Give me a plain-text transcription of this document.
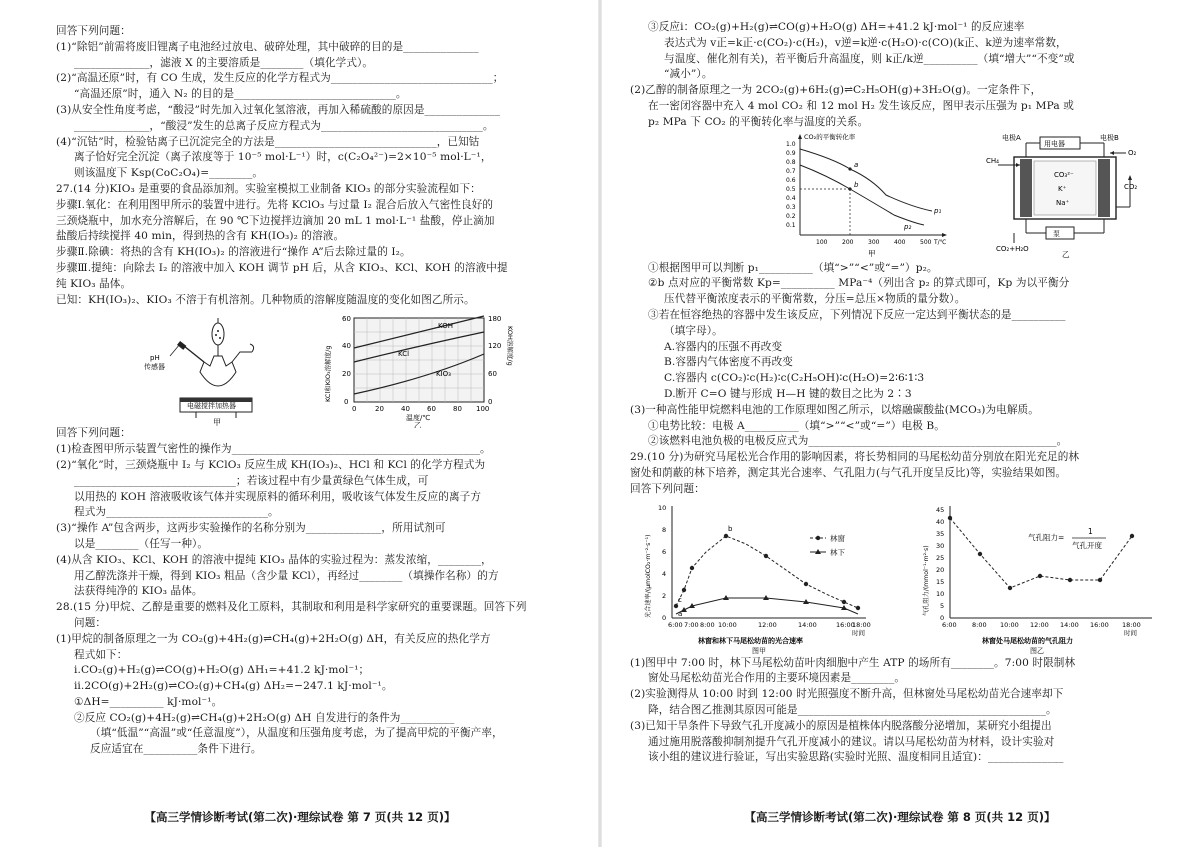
回答下列问题：

(1)“除铝”前需将废旧锂离子电池经过放电、破碎处理，其中破碎的目的是______________

______________，滤液 X 的主要溶质是________（填化学式）。

(2)“高温还原”时，有 CO 生成，发生反应的化学方程式为______________________________；

“高温还原”时，通入 N₂ 的目的是______________________________。

(3)从安全性角度考虑，“酸浸”时先加入过氧化氢溶液，再加入稀硫酸的原因是______________

______________，“酸浸”发生的总离子反应方程式为______________________________。

(4)“沉钴”时，检验钴离子已沉淀完全的方法是______________________________，已知钴

离子恰好完全沉淀（离子浓度等于 10⁻⁵ mol·L⁻¹）时，c(C₂O₄²⁻)=2×10⁻⁵ mol·L⁻¹，

则该温度下 Ksp(CoC₂O₄)=________。

27.(14 分)KIO₃ 是重要的食品添加剂。实验室模拟工业制备 KIO₃ 的部分实验流程如下：

步骤Ⅰ.氧化：在利用图甲所示的装置中进行。先将 KClO₃ 与过量 I₂ 混合后放入气密性良好的

三颈烧瓶中，加水充分溶解后，在 90 ℃下边搅拌边滴加 20 mL 1 mol·L⁻¹ 盐酸，停止滴加

盐酸后持续搅拌 40 min，得到热的含有 KH(IO₃)₂ 的溶液。

步骤Ⅱ.除碘：将热的含有 KH(IO₃)₂ 的溶液进行“操作 A”后去除过量的 I₂。

步骤Ⅲ.提纯：向除去 I₂ 的溶液中加入 KOH 调节 pH 后，从含 KIO₃、KCl、KOH 的溶液中提

纯 KIO₃ 晶体。

已知：KH(IO₃)₂、KIO₃ 不溶于有机溶剂。几种物质的溶解度随温度的变化如图乙所示。

pH
传感器
电磁搅拌加热器
甲
KOH
KCl
KIO₃
0
20
40
60
0
60
120
180
0	20 40 60 80 100
KCl和KIO₃溶解度/g	KOH溶解度/g
温度/℃
乙

回答下列问题：

(1)检查图甲所示装置气密性的操作为______________________________________________。

(2)“氧化”时，三颈烧瓶中 I₂ 与 KClO₃ 反应生成 KH(IO₃)₂、HCl 和 KCl 的化学方程式为

______________________________；若该过程中有少量黄绿色气体生成，可

以用热的 KOH 溶液吸收该气体并实现原料的循环利用，吸收该气体发生反应的离子方

程式为______________________________。

(3)“操作 A”包含两步，这两步实验操作的名称分别为______________，所用试剂可

以是________（任写一种）。

(4)从含 KIO₃、KCl、KOH 的溶液中提纯 KIO₃ 晶体的实验过程为：蒸发浓缩，________，

用乙醇洗涤并干燥，得到 KIO₃ 粗品（含少量 KCl），再经过________（填操作名称）的方

法获得纯净的 KIO₃ 晶体。

28.(15 分)甲烷、乙醇是重要的燃料及化工原料，其制取和利用是科学家研究的重要课题。回答下列

问题：

(1)甲烷的制备原理之一为 CO₂(g)+4H₂(g)⇌CH₄(g)+2H₂O(g) ΔH，有关反应的热化学方

程式如下：

ⅰ.CO₂(g)+H₂(g)⇌CO(g)+H₂O(g) ΔH₁=+41.2 kJ·mol⁻¹；

ⅱ.2CO(g)+2H₂(g)⇌CO₂(g)+CH₄(g) ΔH₂=−247.1 kJ·mol⁻¹。

①ΔH=__________ kJ·mol⁻¹。

②反应 CO₂(g)+4H₂(g)⇌CH₄(g)+2H₂O(g) ΔH 自发进行的条件为__________

（填“低温”“高温”或“任意温度”），从温度和压强角度考虑，为了提高甲烷的平衡产率，

反应适宜在__________条件下进行。

【高三学情诊断考试(第二次)·理综试卷 第 7 页(共 12 页)】

③反应ⅰ：CO₂(g)+H₂(g)⇌CO(g)+H₂O(g) ΔH=+41.2 kJ·mol⁻¹ 的反应速率

表达式为 v正=k正·c(CO₂)·c(H₂)，v逆=k逆·c(H₂O)·c(CO)(k正、k逆为速率常数，

与温度、催化剂有关)，若平衡后升高温度，则 k正/k逆__________（填“增大”“不变”或

“减小”）。

(2)乙醇的制备原理之一为 2CO₂(g)+6H₂(g)⇌C₂H₅OH(g)+3H₂O(g)。一定条件下，

在一密闭容器中充入 4 mol CO₂ 和 12 mol H₂ 发生该反应，图甲表示压强为 p₁ MPa 或

p₂ MPa 下 CO₂ 的平衡转化率与温度的关系。

a
b
p₁
p₂
CO₂的平衡转化率
0.1
0.2
0.3
0.4
0.5
0.6
0.7
0.8
0.9
1.0
100 200 300 400 500 T/℃
甲
用电器
电极A	电极B
CO₃²⁻
K⁺
Na⁺
CH₄
O₂
CO₂
泵
CO₂+H₂O
乙

①根据图甲可以判断 p₁__________（填“>”“<”或“=”）p₂。

②b 点对应的平衡常数 Kp=__________ MPa⁻⁴（列出含 p₂ 的算式即可，Kp 为以平衡分

压代替平衡浓度表示的平衡常数，分压=总压×物质的量分数）。

③若在恒容绝热的容器中发生该反应，下列情况下反应一定达到平衡状态的是__________

（填字母）。

A.容器内的压强不再改变

B.容器内气体密度不再改变

C.容器内 c(CO₂)∶c(H₂)∶c(C₂H₅OH)∶c(H₂O)=2∶6∶1∶3

D.断开 C=O 键与形成 H—H 键的数目之比为 2∶3

(3)一种高性能甲烷燃料电池的工作原理如图乙所示，以熔融碳酸盐(MCO₃)为电解质。

①电势比较：电极 A__________（填“>”“<”或“=”）电极 B。

②该燃料电池负极的电极反应式为______________________________________________。

29.(10 分)为研究马尾松光合作用的影响因素，将长势相同的马尾松幼苗分别放在阳光充足的林

窗处和荫蔽的林下培养，测定其光合速率、气孔阻力(与气孔开度呈反比)等，实验结果如图。

回答下列问题：

b
c
a
林窗
林下
0
2
4
6
8
10
6:00 7:00 8:00 10:00	12:00	14:00	16:00
18:00
时间
光合速率/(μmolCO₂·m⁻²·s⁻¹)
林窗和林下马尾松幼苗的光合速率
图甲
气孔阻力=
1
气孔开度
0
5
10
15
20
25
30
35
40
45
6:00 8:00 10:00 12:00 14:00 16:00 18:00
时间
气孔阻力/(mmol⁻¹·m²·s)
林窗处马尾松幼苗的气孔阻力
图乙

(1)图甲中 7:00 时，林下马尾松幼苗叶肉细胞中产生 ATP 的场所有________。7:00 时限制林

窗处马尾松幼苗光合作用的主要环境因素是________。

(2)实验测得从 10:00 时到 12:00 时光照强度不断升高，但林窗处马尾松幼苗光合速率却下

降，结合图乙推测其原因可能是______________________________________________。

(3)已知干旱条件下导致气孔开度减小的原因是植株体内脱落酸分泌增加，某研究小组提出

通过施用脱落酸抑制剂提升气孔开度减小的建议。请以马尾松幼苗为材料，设计实验对

该小组的建议进行验证，写出实验思路(实验时光照、温度相同且适宜)：______________

【高三学情诊断考试(第二次)·理综试卷 第 8 页(共 12 页)】
